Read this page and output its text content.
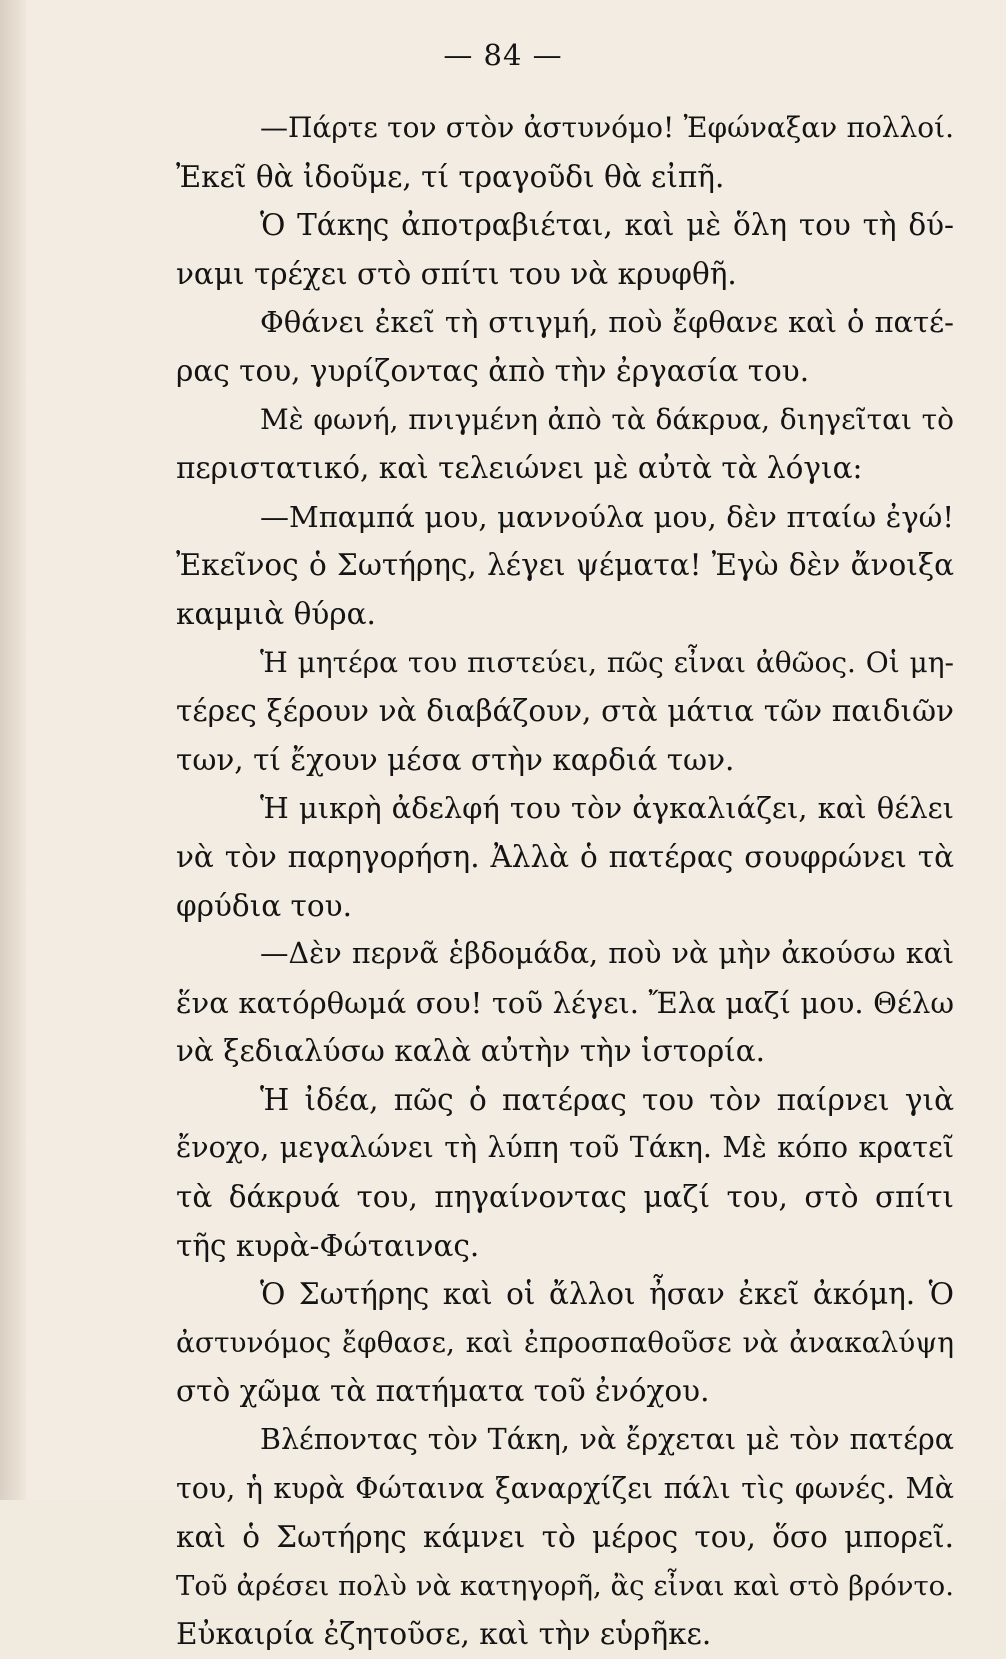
— 84 —
—Πάρτε τον στὸν ἀστυνόμο! Ἐφώναξαν πολλοί.
Ἐκεῖ θὰ ἰδοῦμε, τί τραγοῦδι θὰ εἰπῆ.
Ὁ Τάκης ἀποτραβιέται, καὶ μὲ ὅλη του τὴ δύ-
ναμι τρέχει στὸ σπίτι του νὰ κρυφθῆ.
Φθάνει ἐκεῖ τὴ στιγμή, ποὺ ἔφθανε καὶ ὁ πατέ-
ρας του, γυρίζοντας ἀπὸ τὴν ἐργασία του.
Μὲ φωνή, πνιγμένη ἀπὸ τὰ δάκρυα, διηγεῖται τὸ
περιστατικό, καὶ τελειώνει μὲ αὐτὰ τὰ λόγια:
—Μπαμπά μου, μαννούλα μου, δὲν πταίω ἐγώ!
Ἐκεῖνος ὁ Σωτήρης, λέγει ψέματα! Ἐγὼ δὲν ἄνοιξα
καμμιὰ θύρα.
Ἡ μητέρα του πιστεύει, πῶς εἶναι ἀθῶος. Οἱ μη-
τέρες ξέρουν νὰ διαβάζουν, στὰ μάτια τῶν παιδιῶν
των, τί ἔχουν μέσα στὴν καρδιά των.
Ἡ μικρὴ ἀδελφή του τὸν ἀγκαλιάζει, καὶ θέλει
νὰ τὸν παρηγορήση. Ἀλλὰ ὁ πατέρας σουφρώνει τὰ
φρύδια του.
—Δὲν περνᾶ ἑβδομάδα, ποὺ νὰ μὴν ἀκούσω καὶ
ἕνα κατόρθωμά σου! τοῦ λέγει. Ἔλα μαζί μου. Θέλω
νὰ ξεδιαλύσω καλὰ αὐτὴν τὴν ἱστορία.
Ἡ ἰδέα, πῶς ὁ πατέρας του τὸν παίρνει γιὰ
ἔνοχο, μεγαλώνει τὴ λύπη τοῦ Τάκη. Μὲ κόπο κρατεῖ
τὰ δάκρυά του, πηγαίνοντας μαζί του, στὸ σπίτι
τῆς κυρὰ-Φώταινας.
Ὁ Σωτήρης καὶ οἱ ἄλλοι ἦσαν ἐκεῖ ἀκόμη. Ὁ
ἀστυνόμος ἔφθασε, καὶ ἐπροσπαθοῦσε νὰ ἀνακαλύψη
στὸ χῶμα τὰ πατήματα τοῦ ἐνόχου.
Βλέποντας τὸν Τάκη, νὰ ἔρχεται μὲ τὸν πατέρα
του, ἡ κυρὰ Φώταινα ξαναρχίζει πάλι τὶς φωνές. Μὰ
καὶ ὁ Σωτήρης κάμνει τὸ μέρος του, ὅσο μπορεῖ.
Τοῦ ἀρέσει πολὺ νὰ κατηγορῆ, ἂς εἶναι καὶ στὸ βρόντο.
Εὐκαιρία ἐζητοῦσε, καὶ τὴν εὑρῆκε.
